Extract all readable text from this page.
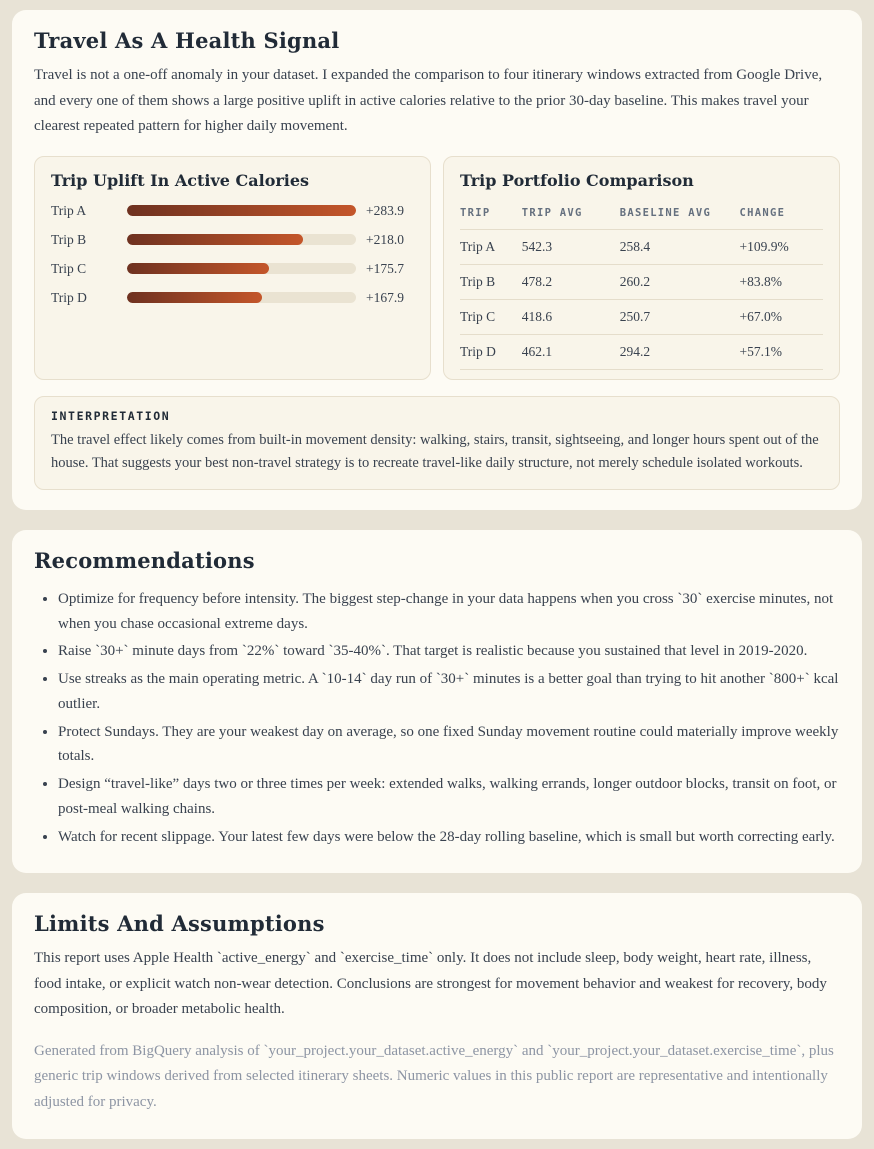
Travel As A Health Signal

Travel is not a one-off anomaly in your dataset. I expanded the comparison to four itinerary windows extracted from Google Drive, and every one of them shows a large positive uplift in active calories relative to the prior 30-day baseline. This makes travel your clearest repeated pattern for higher daily movement.

Trip Uplift In Active Calories
Trip A	+283.9
Trip B	+218.0
Trip C	+175.7
Trip D	+167.9
Trip Portfolio Comparison
TRIP	TRIP AVG	BASELINE AVG	CHANGE
Trip A	542.3	258.4	+109.9%
Trip B	478.2	260.2	+83.8%
Trip C	418.6	250.7	+67.0%
Trip D	462.1	294.2	+57.1%
INTERPRETATION

The travel effect likely comes from built-in movement density: walking, stairs, transit, sightseeing, and longer hours spent out of the house. That suggests your best non-travel strategy is to recreate travel-like daily structure, not merely schedule isolated workouts.

Recommendations
• Optimize for frequency before intensity. The biggest step-change in your data happens when you cross `30` exercise minutes, not when you chase occasional extreme days.
• Raise `30+` minute days from `22%` toward `35-40%`. That target is realistic because you sustained that level in 2019-2020.
• Use streaks as the main operating metric. A `10-14` day run of `30+` minutes is a better goal than trying to hit another `800+` kcal outlier.
• Protect Sundays. They are your weakest day on average, so one fixed Sunday movement routine could materially improve weekly totals.
• Design “travel-like” days two or three times per week: extended walks, walking errands, longer outdoor blocks, transit on foot, or post-meal walking chains.
• Watch for recent slippage. Your latest few days were below the 28-day rolling baseline, which is small but worth correcting early.
Limits And Assumptions

This report uses Apple Health `active_energy` and `exercise_time` only. It does not include sleep, body weight, heart rate, illness, food intake, or explicit watch non-wear detection. Conclusions are strongest for movement behavior and weakest for recovery, body composition, or broader metabolic health.

Generated from BigQuery analysis of `your_project.your_dataset.active_energy` and `your_project.your_dataset.exercise_time`, plus generic trip windows derived from selected itinerary sheets. Numeric values in this public report are representative and intentionally adjusted for privacy.
